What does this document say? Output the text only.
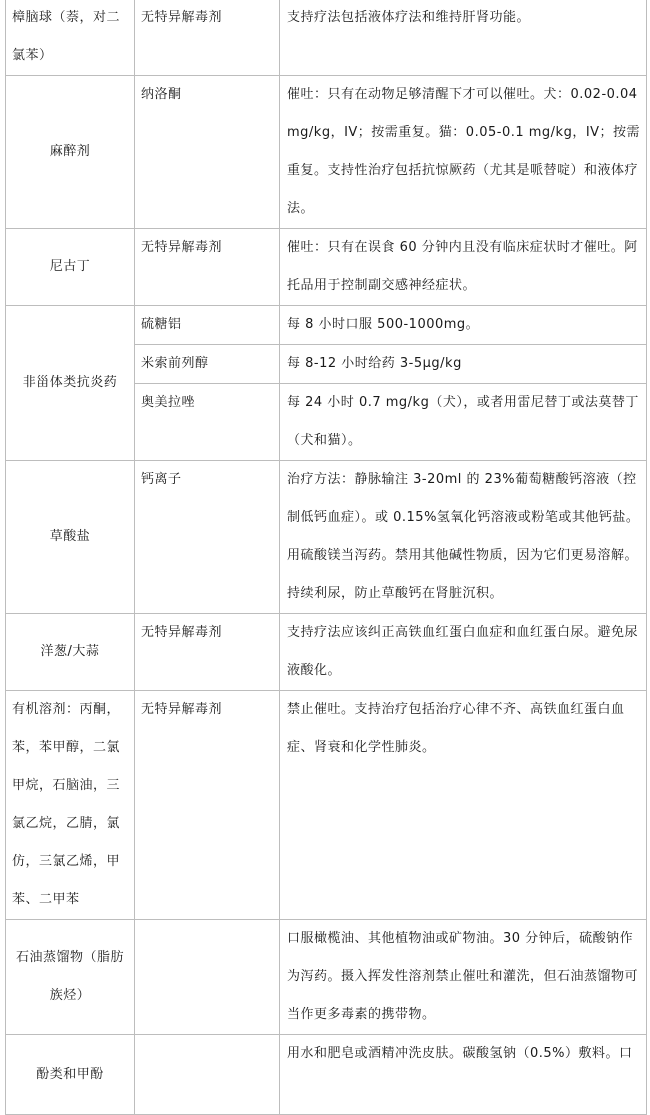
樟脑球（萘，对二氯苯）	无特异解毒剂	支持疗法包括液体疗法和维持肝肾功能。
麻醉剂	纳洛酮	催吐：只有在动物足够清醒下才可以催吐。犬：0.02-0.04 mg/kg，IV；按需重复。猫：0.05-0.1 mg/kg，IV；按需重复。支持性治疗包括抗惊厥药（尤其是哌替啶）和液体疗法。
尼古丁	无特异解毒剂	催吐：只有在误食 60 分钟内且没有临床症状时才催吐。阿托品用于控制副交感神经症状。
非甾体类抗炎药	硫糖铝	每 8 小时口服 500-1000mg。
	米索前列醇	每 8-12 小时给药 3-5μg/kg
	奥美拉唑	每 24 小时 0.7 mg/kg（犬），或者用雷尼替丁或法莫替丁（犬和猫）。
草酸盐	钙离子	治疗方法：静脉输注 3-20ml 的 23%葡萄糖酸钙溶液（控制低钙血症）。或 0.15%氢氧化钙溶液或粉笔或其他钙盐。用硫酸镁当泻药。禁用其他碱性物质，因为它们更易溶解。持续利尿，防止草酸钙在肾脏沉积。
洋葱/大蒜	无特异解毒剂	支持疗法应该纠正高铁血红蛋白血症和血红蛋白尿。避免尿液酸化。
有机溶剂：丙酮，苯，苯甲醇，二氯甲烷，石脑油，三氯乙烷，乙腈，氯仿，三氯乙烯，甲苯、二甲苯	无特异解毒剂	禁止催吐。支持治疗包括治疗心律不齐、高铁血红蛋白血症、肾衰和化学性肺炎。
石油蒸馏物（脂肪族烃）		口服橄榄油、其他植物油或矿物油。30 分钟后，硫酸钠作为泻药。摄入挥发性溶剂禁止催吐和灌洗，但石油蒸馏物可当作更多毒素的携带物。
酚类和甲酚		用水和肥皂或酒精冲洗皮肤。碳酸氢钠（0.5%）敷料。口
